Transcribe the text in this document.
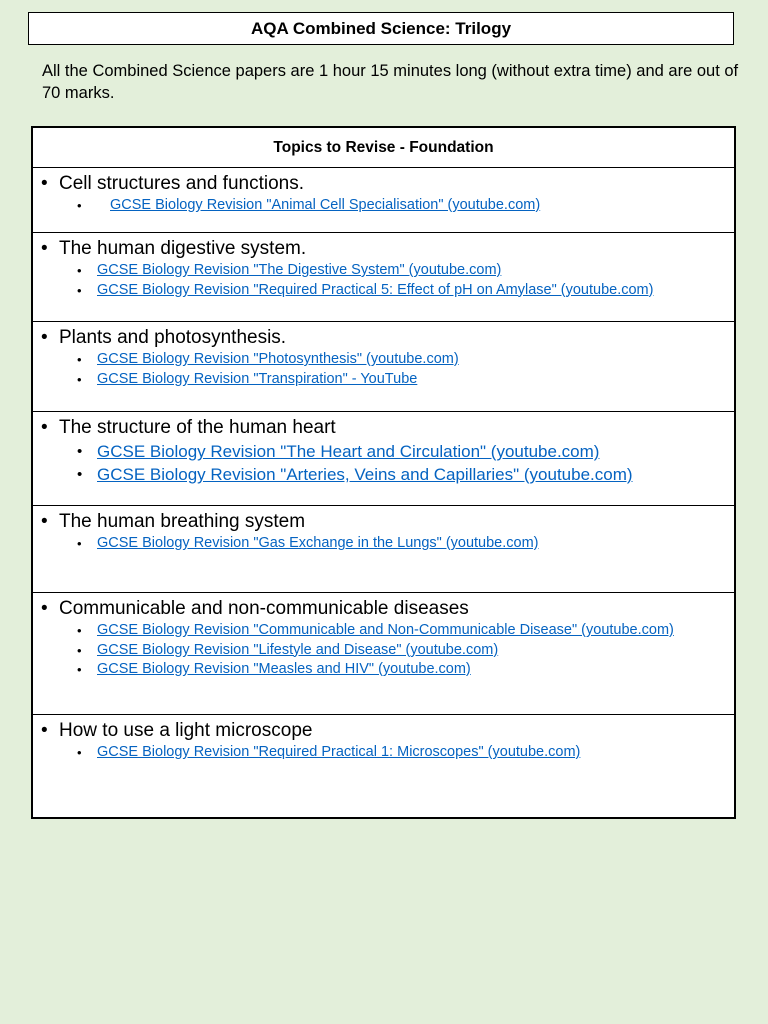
AQA Combined Science: Trilogy
All the Combined Science papers are 1 hour 15 minutes long (without extra time) and are out of 70 marks.
Topics to Revise - Foundation
• Cell structures and functions.
• GCSE Biology Revision "Animal Cell Specialisation" (youtube.com)
• The human digestive system.
• GCSE Biology Revision "The Digestive System" (youtube.com)
• GCSE Biology Revision "Required Practical 5: Effect of pH on Amylase" (youtube.com)
• Plants and photosynthesis.
• GCSE Biology Revision "Photosynthesis" (youtube.com)
• GCSE Biology Revision "Transpiration" - YouTube
• The structure of the human heart
• GCSE Biology Revision "The Heart and Circulation" (youtube.com)
• GCSE Biology Revision "Arteries, Veins and Capillaries" (youtube.com)
• The human breathing system
• GCSE Biology Revision "Gas Exchange in the Lungs" (youtube.com)
• Communicable and non-communicable diseases
• GCSE Biology Revision "Communicable and Non-Communicable Disease" (youtube.com)
• GCSE Biology Revision "Lifestyle and Disease" (youtube.com)
• GCSE Biology Revision "Measles and HIV" (youtube.com)
• How to use a light microscope
• GCSE Biology Revision "Required Practical 1: Microscopes" (youtube.com)
